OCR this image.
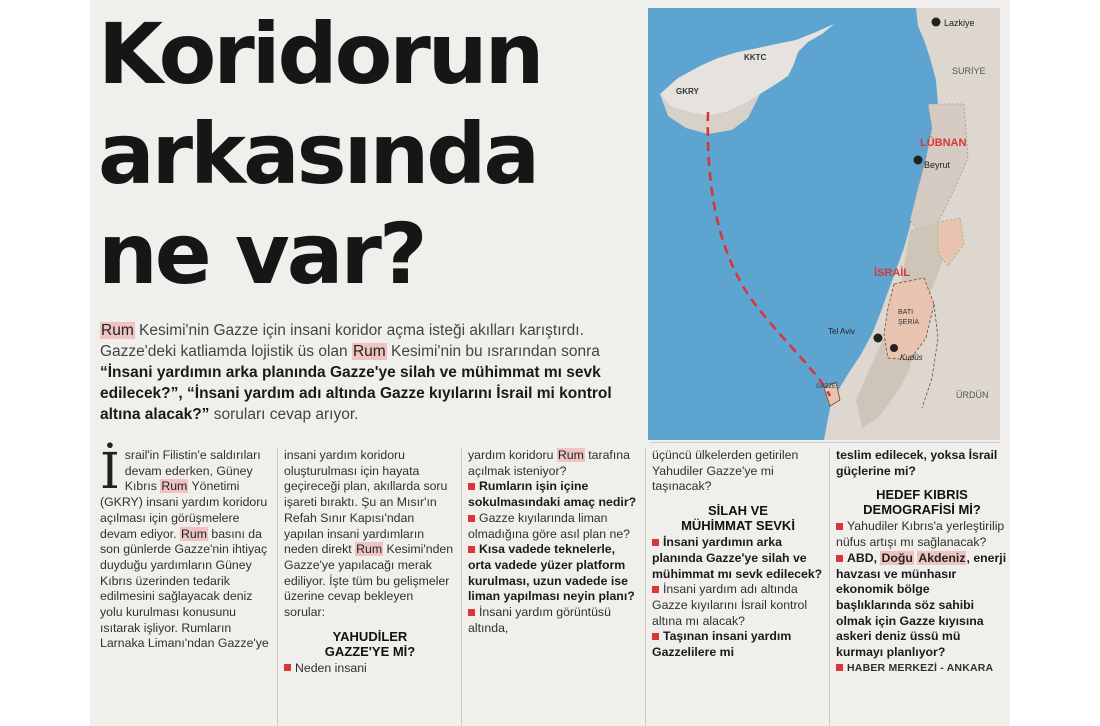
Koridorun
arkasında
ne var?
Rum Kesimi'nin Gazze için insani koridor açma isteği akılları karıştırdı. Gazze'deki katliamda lojistik üs olan Rum Kesimi'nin bu ısrarından sonra “İnsani yardımın arka planında Gazze'ye silah ve mühimmat mı sevk edilecek?”, “İnsani yardım adı altında Gazze kıyılarını İsrail mi kontrol altına alacak?” soruları cevap arıyor.
KKTC
GKRY
Lazkiye
SURİYE
LÜBNAN
Beyrut
İSRAİL
BATI
ŞERİA
Tel Aviv
Kudüs
GAZZE
ÜRDÜN

İsrail'in Filistin'e saldırıları devam ederken, Güney Kıbrıs Rum Yönetimi (GKRY) insani yardım koridoru açılması için görüşmelere devam ediyor. Rum basını da son günlerde Gazze'nin ihtiyaç duyduğu yardımların Güney Kıbrıs üzerinden tedarik edilmesini sağlayacak deniz yolu kurulması konusunu ısıtarak işliyor. Rumların Larnaka Limanı'ndan Gazze'ye

insani yardım koridoru oluşturulması için hayata geçireceği plan, akıllarda soru işareti bıraktı. Şu an Mısır'ın Refah Sınır Kapısı'ndan yapılan insani yardımların neden direkt Rum Kesimi'nden Gazze'ye yapılacağı merak ediliyor. İşte tüm bu gelişmeler üzerine cevap bekleyen sorular:

YAHUDİLER
GAZZE'YE Mİ?

Neden insani

yardım koridoru Rum tarafına açılmak isteniyor?

Rumların işin içine sokulmasındaki amaç nedir?

Gazze kıyılarında liman olmadığına göre asıl plan ne?

Kısa vadede teknelerle, orta vadede yüzer platform kurulması, uzun vadede ise liman yapılması neyin planı?

İnsani yardım görüntüsü altında,

üçüncü ülkelerden getirilen Yahudiler Gazze'ye mi taşınacak?

SİLAH VE
MÜHİMMAT SEVKİ

İnsani yardımın arka planında Gazze'ye silah ve mühimmat mı sevk edilecek?

İnsani yardım adı altında Gazze kıyılarını İsrail kontrol altına mı alacak?

Taşınan insani yardım Gazzelilere mi

teslim edilecek, yoksa İsrail güçlerine mi?

HEDEF KIBRIS
DEMOGRAFİSİ Mİ?

Yahudiler Kıbrıs'a yerleştirilip nüfus artışı mı sağlanacak?

ABD, Doğu Akdeniz, enerji havzası ve münhasır ekonomik bölge başlıklarında söz sahibi olmak için Gazze kıyısına askeri deniz üssü mü kurmayı planlıyor?

HABER MERKEZİ - ANKARA
